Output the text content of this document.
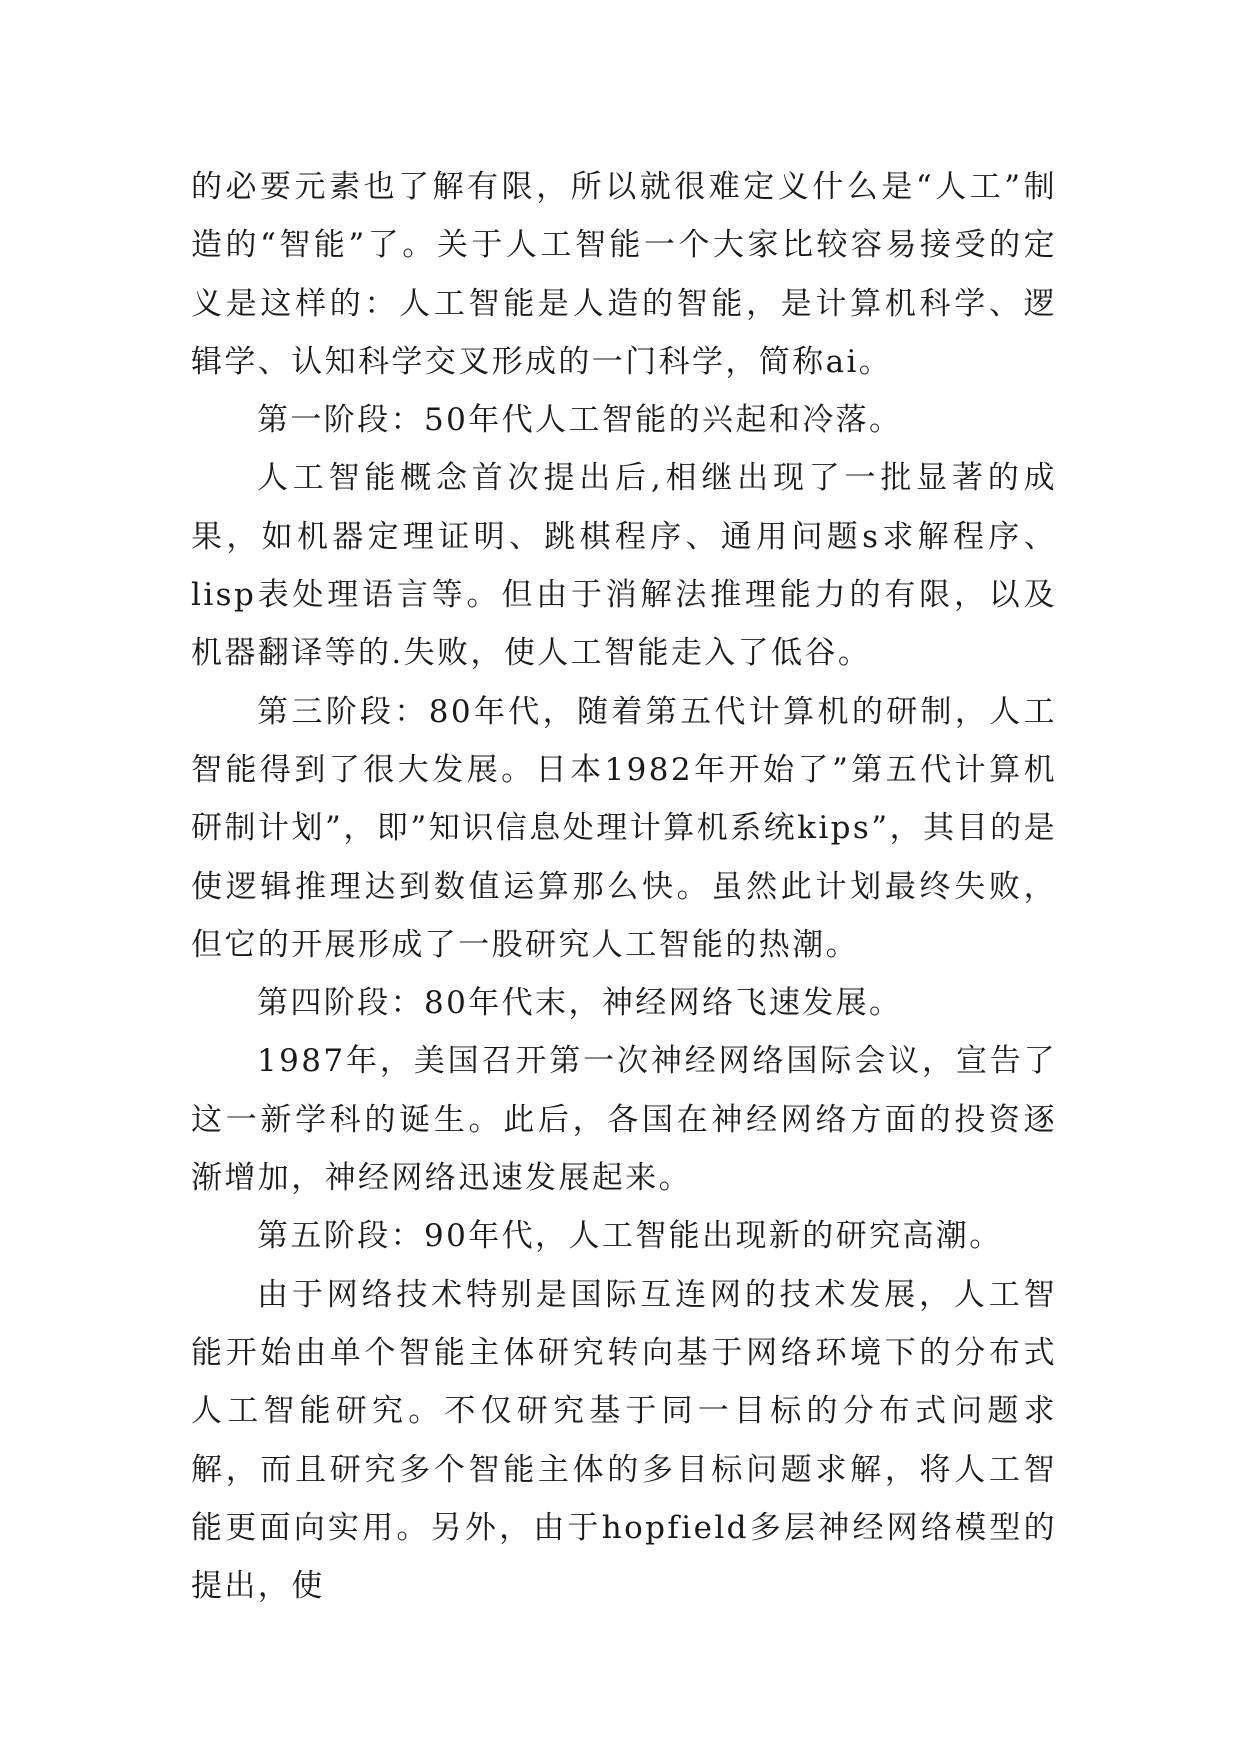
的必要元素也了解有限，所以就很难定义什么是“人工”制造的“智能”了。关于人工智能一个大家比较容易接受的定义是这样的：人工智能是人造的智能，是计算机科学、逻辑学、认知科学交叉形成的一门科学，简称ai。

第一阶段：50年代人工智能的兴起和冷落。

人工智能概念首次提出后,相继出现了一批显著的成果，如机器定理证明、跳棋程序、通用问题s求解程序、lisp表处理语言等。但由于消解法推理能力的有限，以及机器翻译等的.失败，使人工智能走入了低谷。

第三阶段：80年代，随着第五代计算机的研制，人工智能得到了很大发展。日本1982年开始了”第五代计算机研制计划”，即”知识信息处理计算机系统kips”，其目的是使逻辑推理达到数值运算那么快。虽然此计划最终失败，但它的开展形成了一股研究人工智能的热潮。

第四阶段：80年代末，神经网络飞速发展。

1987年，美国召开第一次神经网络国际会议，宣告了这一新学科的诞生。此后，各国在神经网络方面的投资逐渐增加，神经网络迅速发展起来。

第五阶段：90年代，人工智能出现新的研究高潮。

由于网络技术特别是国际互连网的技术发展，人工智能开始由单个智能主体研究转向基于网络环境下的分布式人工智能研究。不仅研究基于同一目标的分布式问题求解，而且研究多个智能主体的多目标问题求解，将人工智能更面向实用。另外，由于hopfield多层神经网络模型的提出，使
